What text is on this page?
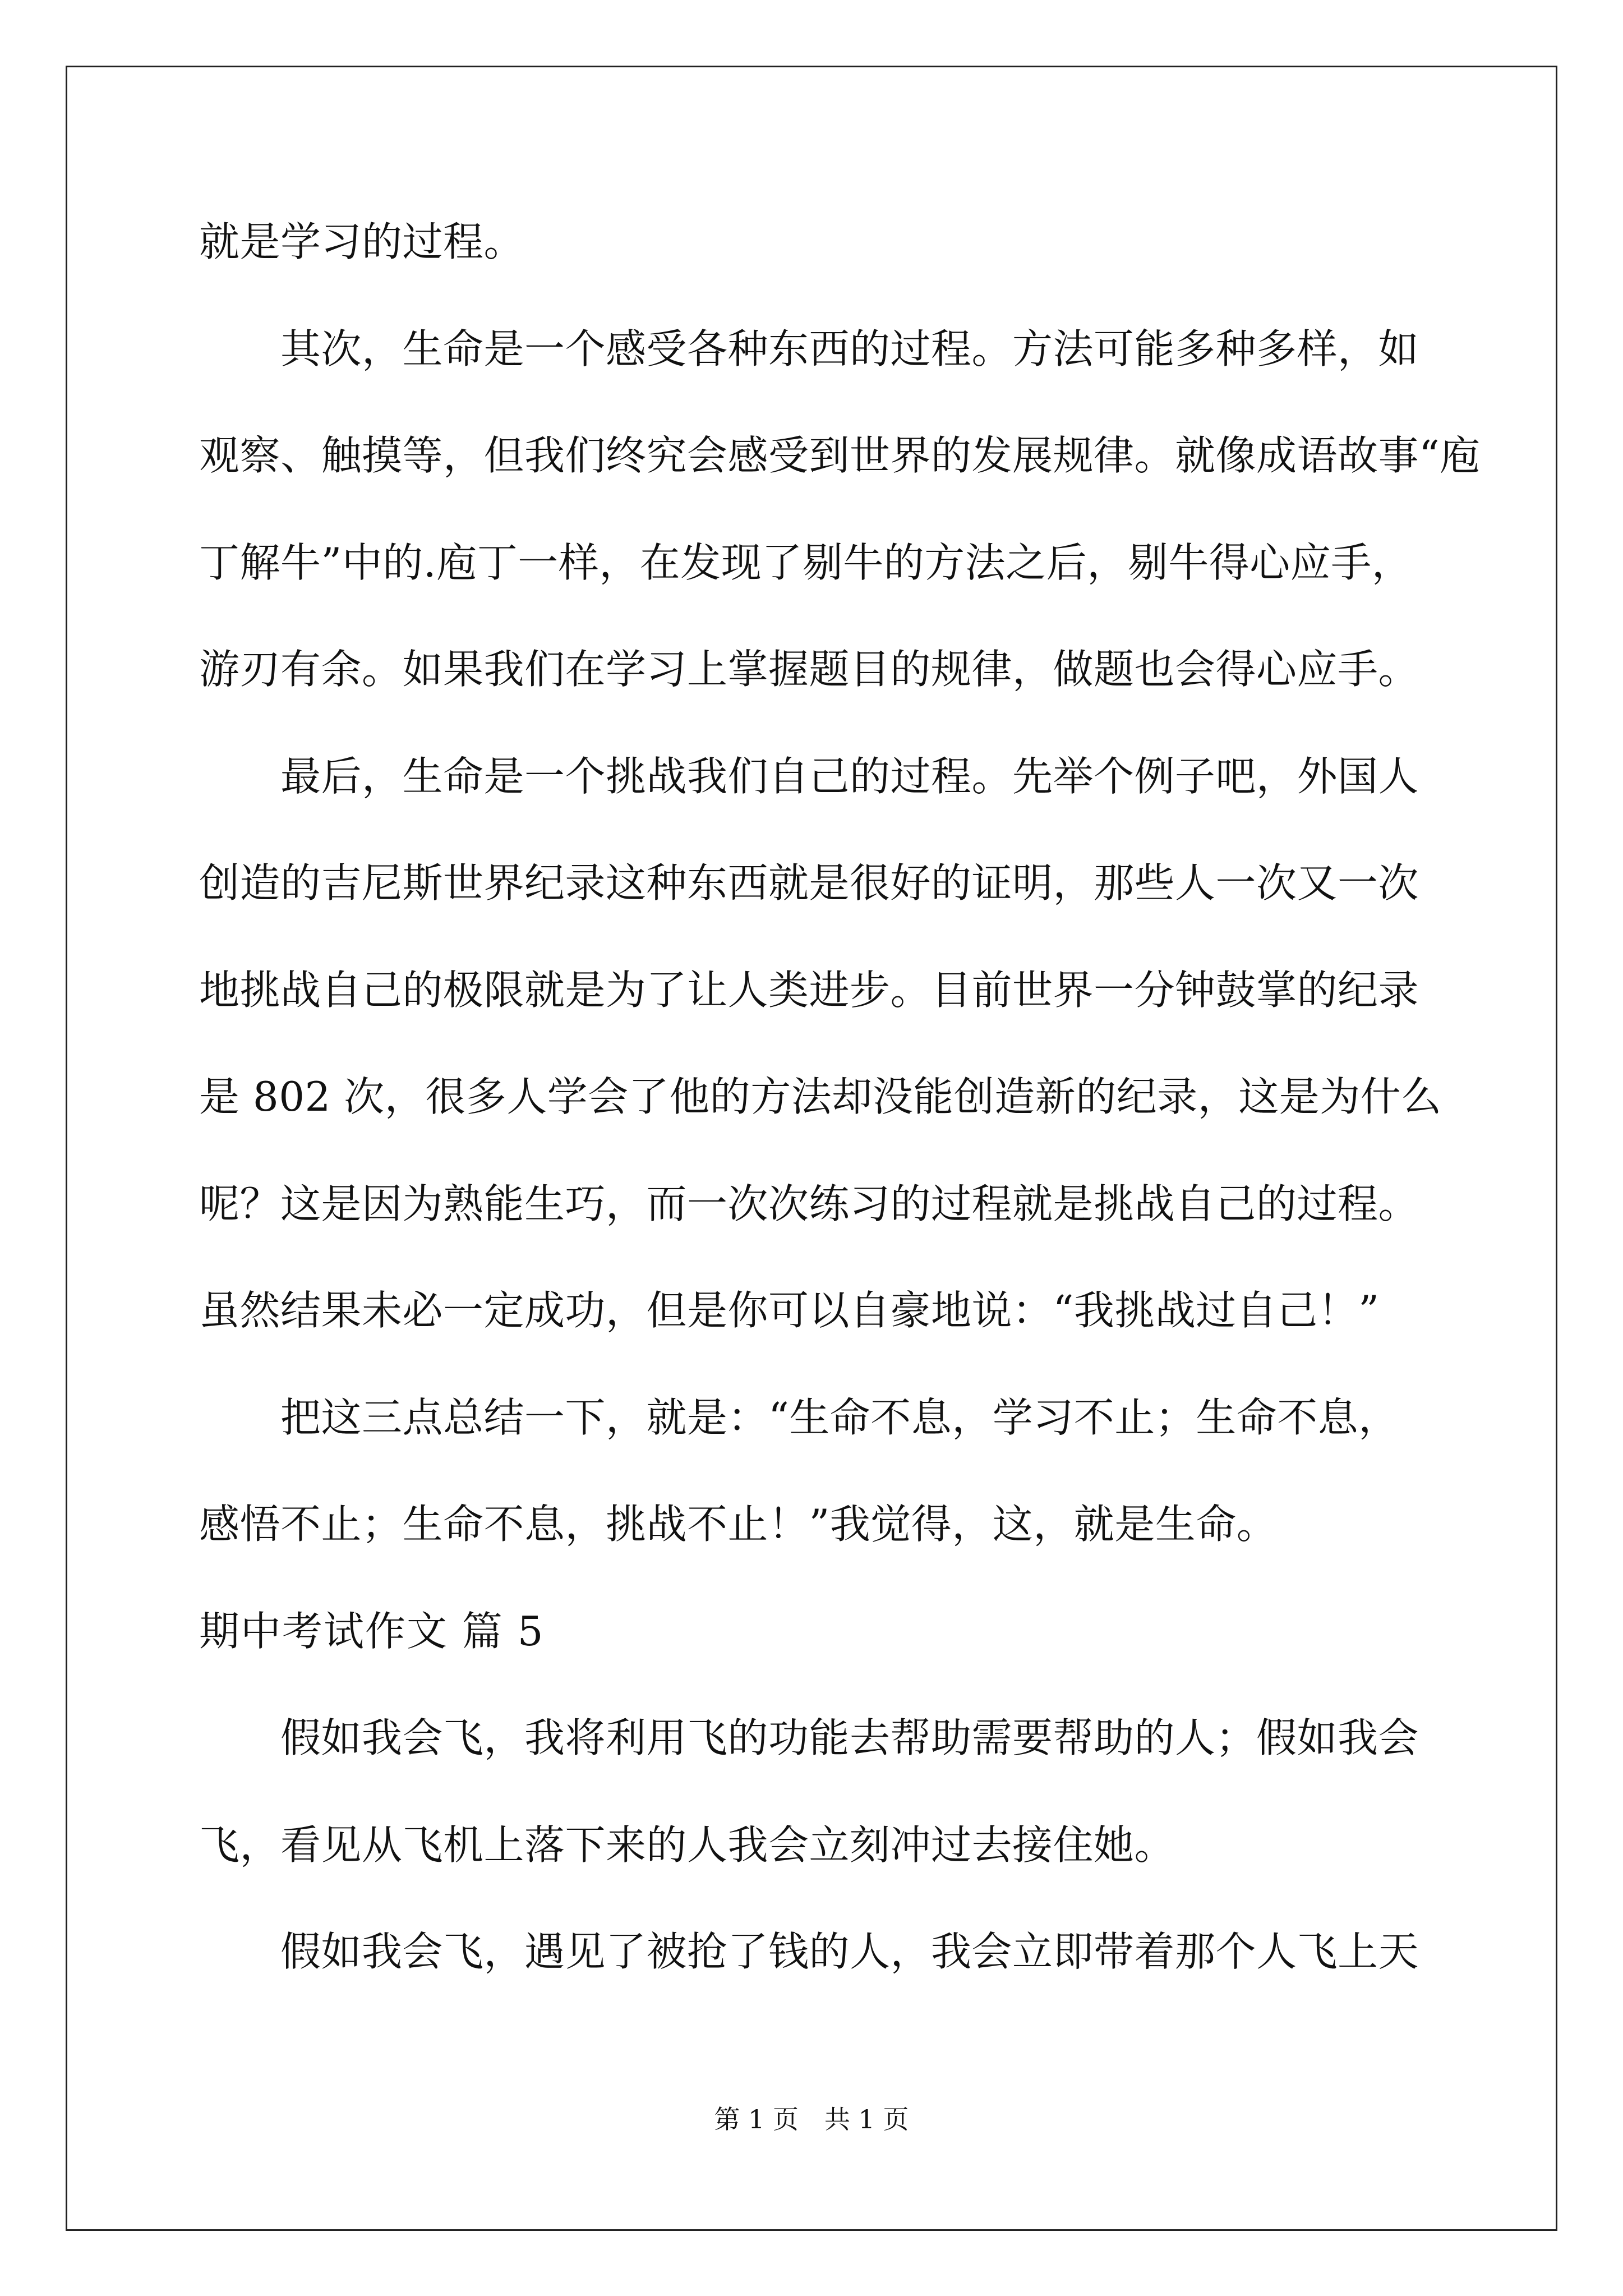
就是学习的过程。

其次，生命是一个感受各种东西的过程。方法可能多种多样，如

观察、触摸等，但我们终究会感受到世界的发展规律。就像成语故事“庖

丁解牛”中的.庖丁一样，在发现了剔牛的方法之后，剔牛得心应手，

游刃有余。如果我们在学习上掌握题目的规律，做题也会得心应手。

最后，生命是一个挑战我们自己的过程。先举个例子吧，外国人

创造的吉尼斯世界纪录这种东西就是很好的证明，那些人一次又一次

地挑战自己的极限就是为了让人类进步。目前世界一分钟鼓掌的纪录

是 802 次，很多人学会了他的方法却没能创造新的纪录，这是为什么

呢？这是因为熟能生巧，而一次次练习的过程就是挑战自己的过程。

虽然结果未必一定成功，但是你可以自豪地说：“我挑战过自己！”

把这三点总结一下，就是：“生命不息，学习不止；生命不息，

感悟不止；生命不息，挑战不止！”我觉得，这，就是生命。

期中考试作文 篇 5

假如我会飞，我将利用飞的功能去帮助需要帮助的人；假如我会

飞，看见从飞机上落下来的人我会立刻冲过去接住她。

假如我会飞，遇见了被抢了钱的人，我会立即带着那个人飞上天

第 1 页　共 1 页
